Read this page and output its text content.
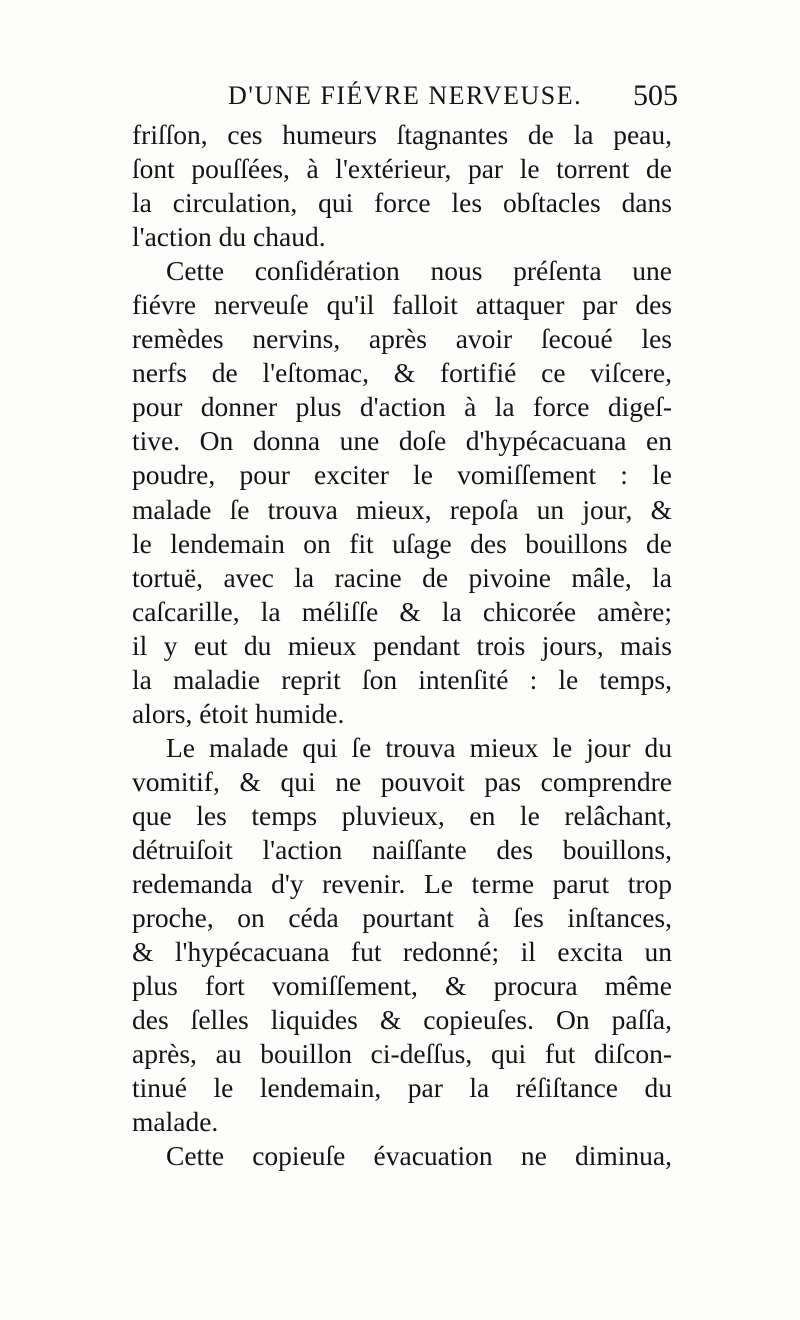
D'UNE FIÉVRE NERVEUSE. 505
friſſon, ces humeurs ſtagnantes de la peau,
ſont pouſſées, à l'extérieur, par le torrent de
la circulation, qui force les obſtacles dans
l'action du chaud.
Cette conſidération nous préſenta une
fiévre nerveuſe qu'il falloit attaquer par des
remèdes nervins, après avoir ſecoué les
nerfs de l'eſtomac, & fortifié ce viſcere,
pour donner plus d'action à la force digeſ-
tive. On donna une doſe d'hypécacuana en
poudre, pour exciter le vomiſſement : le
malade ſe trouva mieux, repoſa un jour, &
le lendemain on fit uſage des bouillons de
tortuë, avec la racine de pivoine mâle, la
caſcarille, la méliſſe & la chicorée amère;
il y eut du mieux pendant trois jours, mais
la maladie reprit ſon intenſité : le temps,
alors, étoit humide.
Le malade qui ſe trouva mieux le jour du
vomitif, & qui ne pouvoit pas comprendre
que les temps pluvieux, en le relâchant,
détruiſoit l'action naiſſante des bouillons,
redemanda d'y revenir. Le terme parut trop
proche, on céda pourtant à ſes inſtances,
& l'hypécacuana fut redonné; il excita un
plus fort vomiſſement, & procura même
des ſelles liquides & copieuſes. On paſſa,
après, au bouillon ci-deſſus, qui fut diſcon-
tinué le lendemain, par la réſiſtance du
malade.
Cette copieuſe évacuation ne diminua,
